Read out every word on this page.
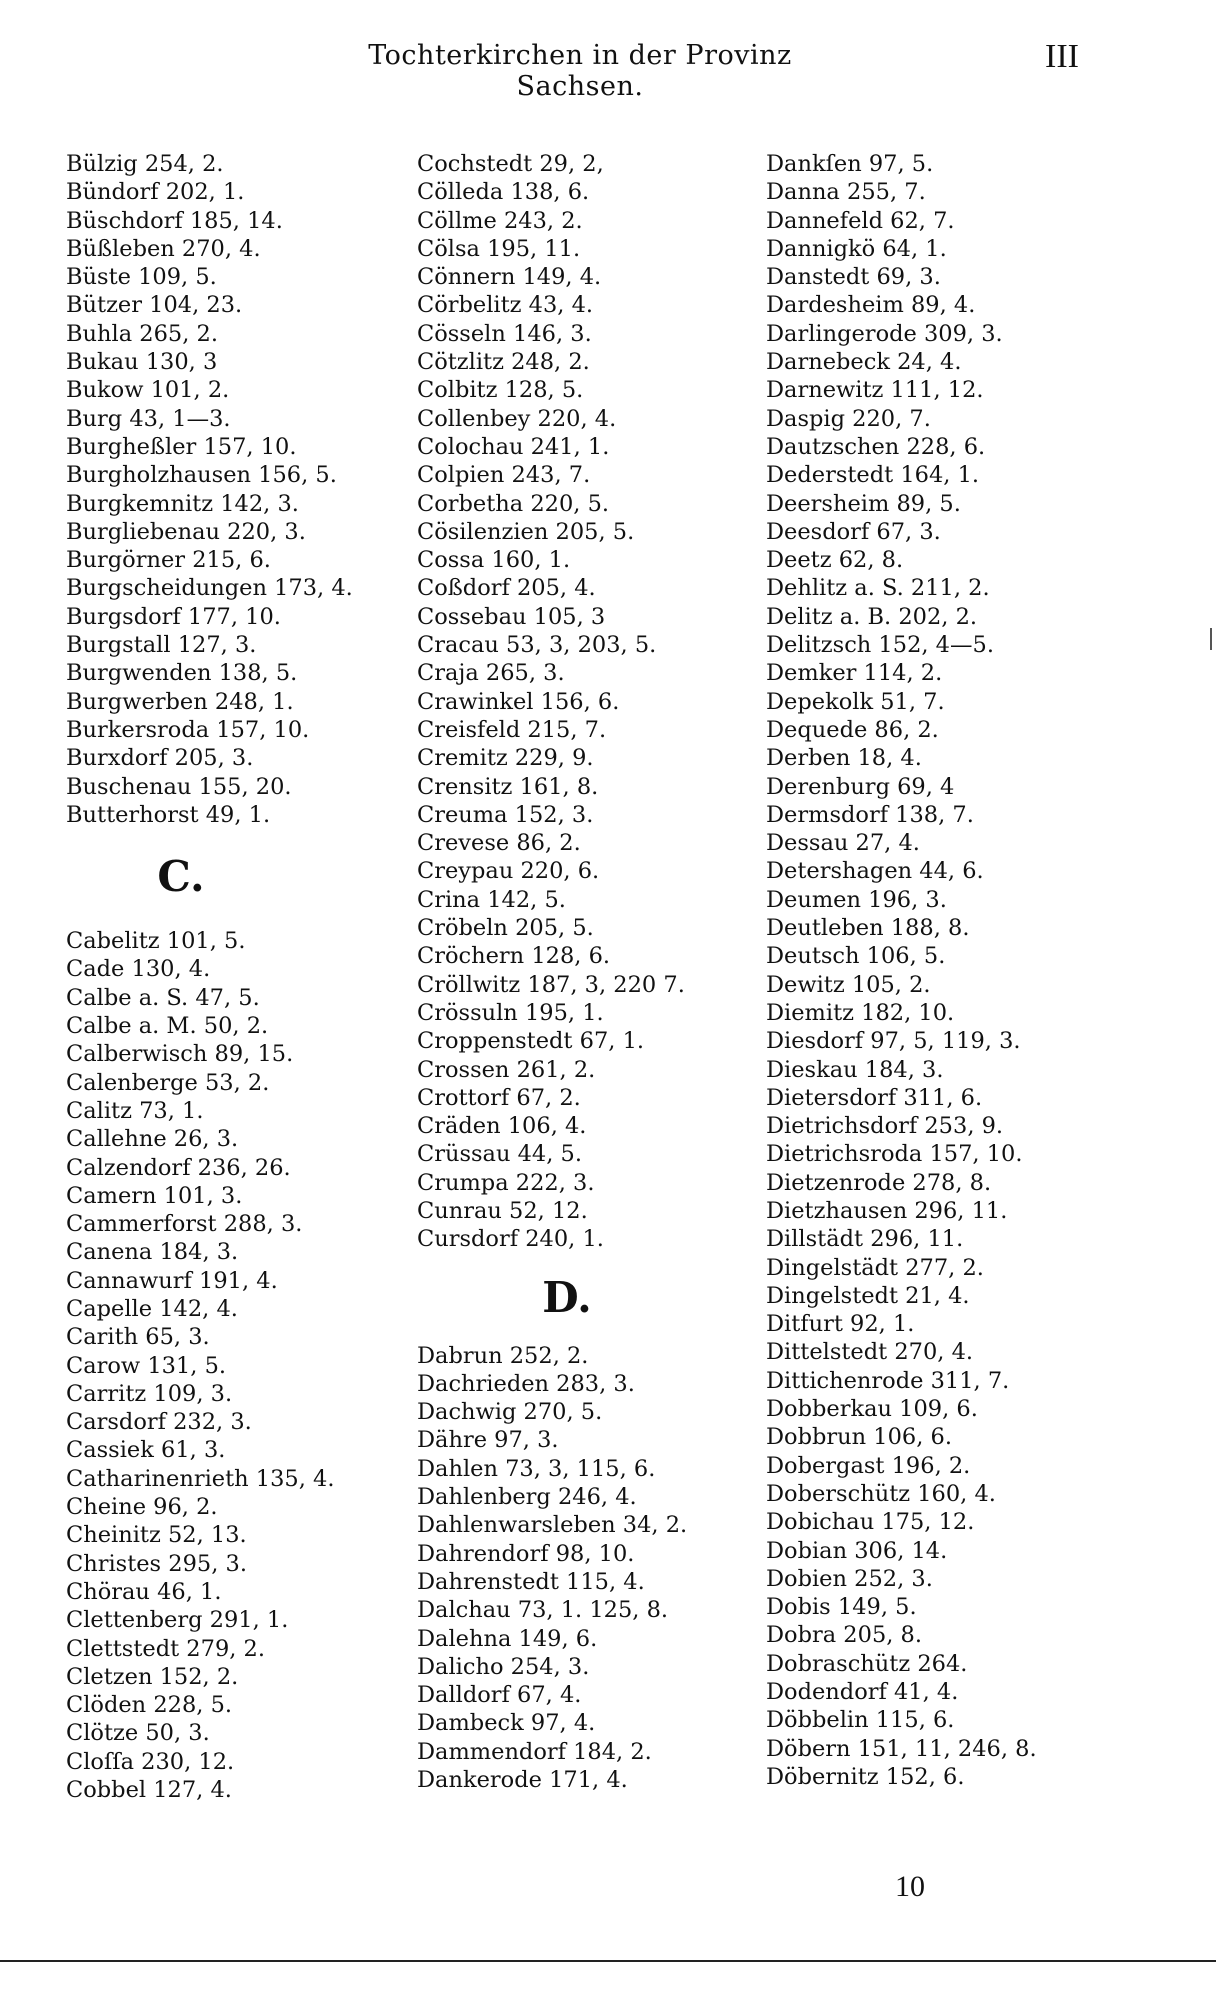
Tochterkirchen in der Provinz Sachsen.
III
Bülzig 254, 2.
Bündorf 202, 1.
Büschdorf 185, 14.
Büßleben 270, 4.
Büste 109, 5.
Bützer 104, 23.
Buhla 265, 2.
Bukau 130, 3
Bukow 101, 2.
Burg 43, 1—3.
Burgheßler 157, 10.
Burgholzhausen 156, 5.
Burgkemnitz 142, 3.
Burgliebenau 220, 3.
Burgörner 215, 6.
Burgscheidungen 173, 4.
Burgsdorf 177, 10.
Burgstall 127, 3.
Burgwenden 138, 5.
Burgwerben 248, 1.
Burkersroda 157, 10.
Burxdorf 205, 3.
Buschenau 155, 20.
Butterhorst 49, 1.
C.
Cabelitz 101, 5.
Cade 130, 4.
Calbe a. S. 47, 5.
Calbe a. M. 50, 2.
Calberwisch 89, 15.
Calenberge 53, 2.
Calitz 73, 1.
Callehne 26, 3.
Calzendorf 236, 26.
Camern 101, 3.
Cammerforst 288, 3.
Canena 184, 3.
Cannawurf 191, 4.
Capelle 142, 4.
Carith 65, 3.
Carow 131, 5.
Carritz 109, 3.
Carsdorf 232, 3.
Cassiek 61, 3.
Catharinenrieth 135, 4.
Cheine 96, 2.
Cheinitz 52, 13.
Christes 295, 3.
Chörau 46, 1.
Clettenberg 291, 1.
Clettstedt 279, 2.
Cletzen 152, 2.
Clöden 228, 5.
Clötze 50, 3.
Cloſſa 230, 12.
Cobbel 127, 4.
Cochstedt 29, 2,
Cölleda 138, 6.
Cöllme 243, 2.
Cölsa 195, 11.
Cönnern 149, 4.
Cörbelitz 43, 4.
Cösseln 146, 3.
Cötzlitz 248, 2.
Colbitz 128, 5.
Collenbey 220, 4.
Colochau 241, 1.
Colpien 243, 7.
Corbetha 220, 5.
Cösilenzien 205, 5.
Cossa 160, 1.
Coßdorf 205, 4.
Cossebau 105, 3
Cracau 53, 3, 203, 5.
Craja 265, 3.
Crawinkel 156, 6.
Creisfeld 215, 7.
Cremitz 229, 9.
Crensitz 161, 8.
Creuma 152, 3.
Crevese 86, 2.
Creypau 220, 6.
Crina 142, 5.
Cröbeln 205, 5.
Cröchern 128, 6.
Cröllwitz 187, 3, 220 7.
Crössuln 195, 1.
Croppenstedt 67, 1.
Crossen 261, 2.
Crottorf 67, 2.
Cräden 106, 4.
Crüssau 44, 5.
Crumpa 222, 3.
Cunrau 52, 12.
Cursdorf 240, 1.
D.
Dabrun 252, 2.
Dachrieden 283, 3.
Dachwig 270, 5.
Dähre 97, 3.
Dahlen 73, 3, 115, 6.
Dahlenberg 246, 4.
Dahlenwarsleben 34, 2.
Dahrendorf 98, 10.
Dahrenstedt 115, 4.
Dalchau 73, 1. 125, 8.
Dalehna 149, 6.
Dalicho 254, 3.
Dalldorf 67, 4.
Dambeck 97, 4.
Dammendorf 184, 2.
Dankerode 171, 4.
Dankſen 97, 5.
Danna 255, 7.
Dannefeld 62, 7.
Dannigkö 64, 1.
Danstedt 69, 3.
Dardesheim 89, 4.
Darlingerode 309, 3.
Darnebeck 24, 4.
Darnewitz 111, 12.
Daspig 220, 7.
Dautzschen 228, 6.
Dederstedt 164, 1.
Deersheim 89, 5.
Deesdorf 67, 3.
Deetz 62, 8.
Dehlitz a. S. 211, 2.
Delitz a. B. 202, 2.
Delitzsch 152, 4—5.
Demker 114, 2.
Depekolk 51, 7.
Dequede 86, 2.
Derben 18, 4.
Derenburg 69, 4
Dermsdorf 138, 7.
Dessau 27, 4.
Detershagen 44, 6.
Deumen 196, 3.
Deutleben 188, 8.
Deutsch 106, 5.
Dewitz 105, 2.
Diemitz 182, 10.
Diesdorf 97, 5, 119, 3.
Dieskau 184, 3.
Dietersdorf 311, 6.
Dietrichsdorf 253, 9.
Dietrichsroda 157, 10.
Dietzenrode 278, 8.
Dietzhausen 296, 11.
Dillstädt 296, 11.
Dingelstädt 277, 2.
Dingelstedt 21, 4.
Ditfurt 92, 1.
Dittelstedt 270, 4.
Dittichenrode 311, 7.
Dobberkau 109, 6.
Dobbrun 106, 6.
Dobergast 196, 2.
Doberschütz 160, 4.
Dobichau 175, 12.
Dobian 306, 14.
Dobien 252, 3.
Dobis 149, 5.
Dobra 205, 8.
Dobraschütz 264.
Dodendorf 41, 4.
Döbbelin 115, 6.
Döbern 151, 11, 246, 8.
Döbernitz 152, 6.
10
